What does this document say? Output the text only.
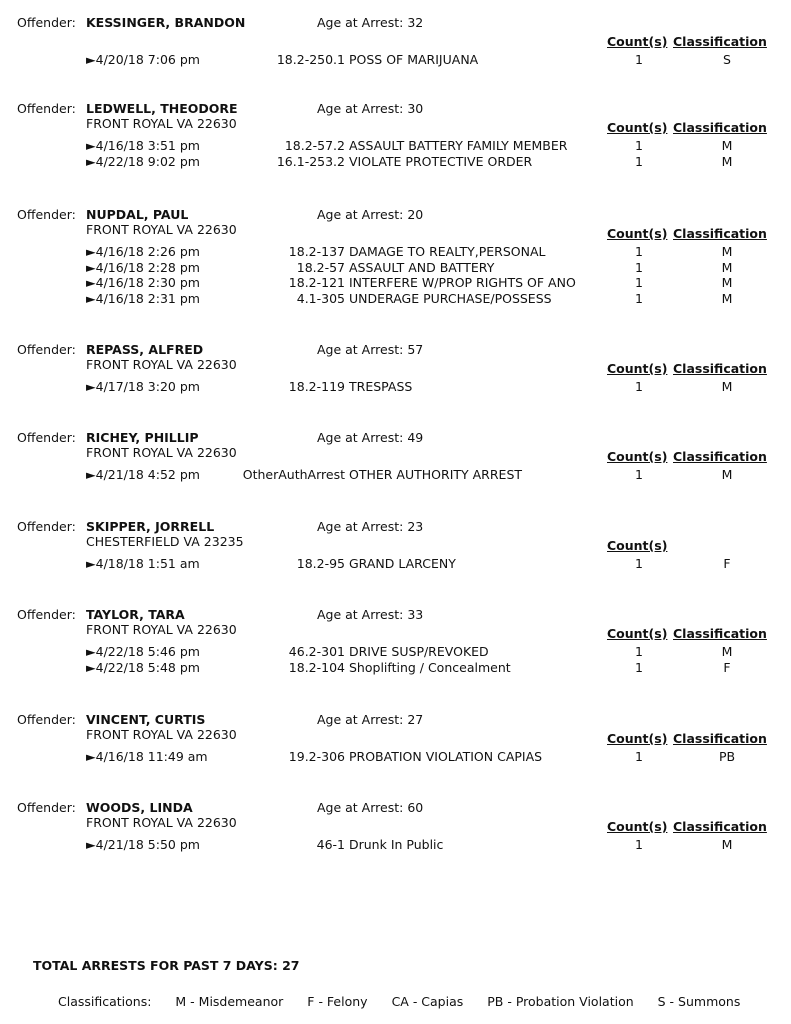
Offender: KESSINGER, BRANDON	Age at Arrest: 32
Count(s) Classification
►4/20/18 7:06 pm	18.2-250.1 POSS OF MARIJUANA	1	S
Offender: LEDWELL, THEODORE	Age at Arrest: 30
FRONT ROYAL VA 22630	Count(s) Classification
►4/16/18 3:51 pm	18.2-57.2 ASSAULT BATTERY FAMILY MEMBER	1	M
►4/22/18 9:02 pm	16.1-253.2 VIOLATE PROTECTIVE ORDER	1	M
Offender: NUPDAL, PAUL	Age at Arrest: 20
FRONT ROYAL VA 22630	Count(s) Classification
►4/16/18 2:26 pm	18.2-137 DAMAGE TO REALTY,PERSONAL	1	M
►4/16/18 2:28 pm	18.2-57 ASSAULT AND BATTERY	1	M
►4/16/18 2:30 pm	18.2-121 INTERFERE W/PROP RIGHTS OF ANO	1	M
►4/16/18 2:31 pm	4.1-305 UNDERAGE PURCHASE/POSSESS	1	M
Offender: REPASS, ALFRED	Age at Arrest: 57
FRONT ROYAL VA 22630	Count(s) Classification
►4/17/18 3:20 pm	18.2-119 TRESPASS	1	M
Offender: RICHEY, PHILLIP	Age at Arrest: 49
FRONT ROYAL VA 22630	Count(s) Classification
►4/21/18 4:52 pm	OtherAuthArrest OTHER AUTHORITY ARREST	1	M
Offender: SKIPPER, JORRELL	Age at Arrest: 23
CHESTERFIELD VA 23235	Count(s)
►4/18/18 1:51 am	18.2-95 GRAND LARCENY	1	F
Offender: TAYLOR, TARA	Age at Arrest: 33
FRONT ROYAL VA 22630	Count(s) Classification
►4/22/18 5:46 pm	46.2-301 DRIVE SUSP/REVOKED	1	M
►4/22/18 5:48 pm	18.2-104 Shoplifting / Concealment	1	F
Offender: VINCENT, CURTIS	Age at Arrest: 27
FRONT ROYAL VA 22630	Count(s) Classification
►4/16/18 11:49 am	19.2-306 PROBATION VIOLATION CAPIAS	1	PB
Offender: WOODS, LINDA	Age at Arrest: 60
FRONT ROYAL VA 22630	Count(s) Classification
►4/21/18 5:50 pm	46-1 Drunk In Public	1	M
TOTAL ARRESTS FOR PAST 7 DAYS: 27
Classifications: M - Misdemeanor F - Felony CA - Capias PB - Probation Violation S - Summons
